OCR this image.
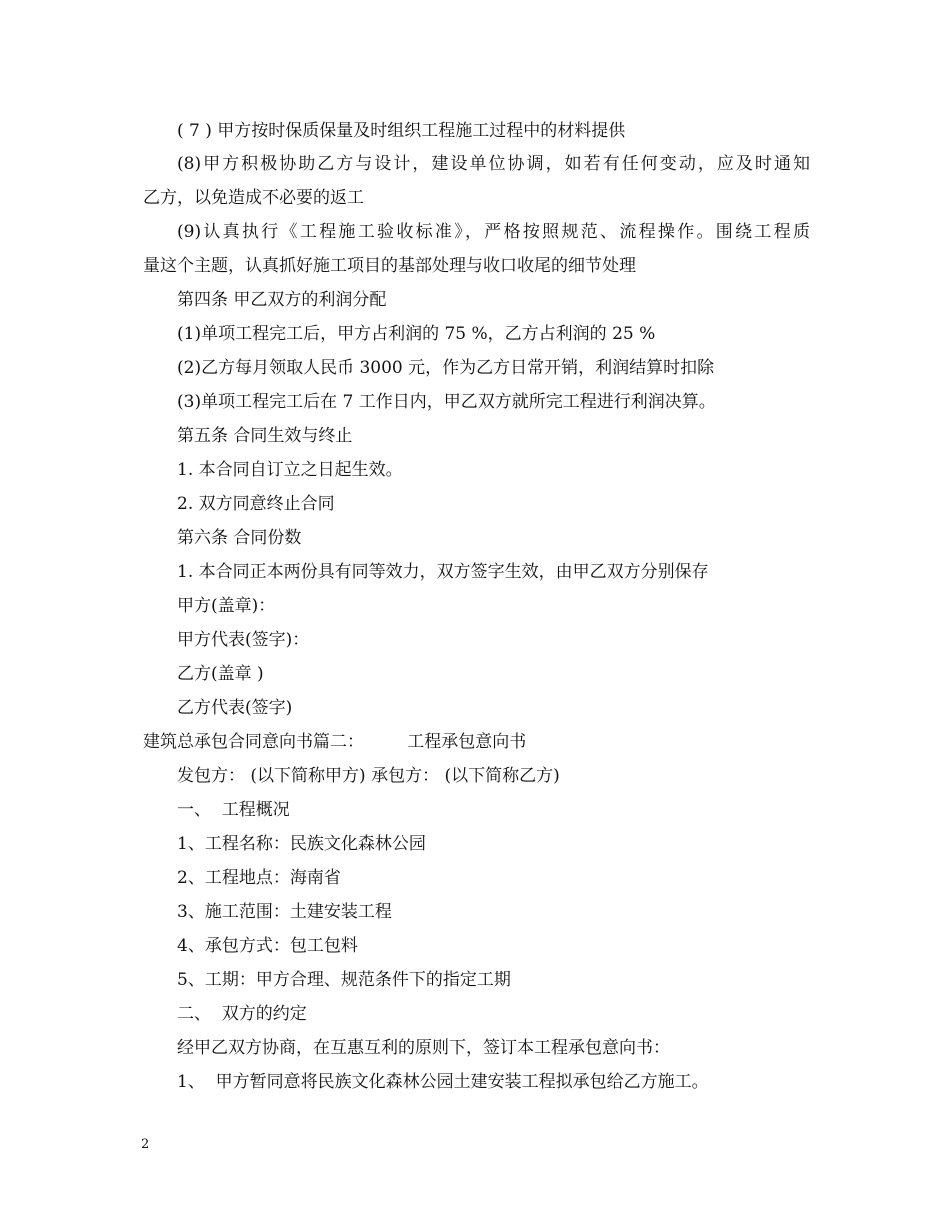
( 7 ) 甲方按时保质保量及时组织工程施工过程中的材料提供
(8)甲方积极协助乙方与设计，建设单位协调，如若有任何变动，应及时通知
乙方，以免造成不必要的返工
(9)认真执行《工程施工验收标准》，严格按照规范、流程操作。围绕工程质
量这个主题，认真抓好施工项目的基部处理与收口收尾的细节处理
第四条 甲乙双方的利润分配
(1)单项工程完工后，甲方占利润的 75 %，乙方占利润的 25 %
(2)乙方每月领取人民币 3000 元，作为乙方日常开销，利润结算时扣除
(3)单项工程完工后在 7 工作日内，甲乙双方就所完工程进行利润决算。
第五条 合同生效与终止
1. 本合同自订立之日起生效。
2. 双方同意终止合同
第六条 合同份数
1. 本合同正本两份具有同等效力，双方签字生效，由甲乙双方分别保存
甲方(盖章)：
甲方代表(签字)：
乙方(盖章 )
乙方代表(签字)
建筑总承包合同意向书篇二：        工程承包意向书
发包方： (以下简称甲方) 承包方： (以下简称乙方)
一、  工程概况
1、工程名称：民族文化森林公园
2、工程地点：海南省
3、施工范围：土建安装工程
4、承包方式：包工包料
5、工期：甲方合理、规范条件下的指定工期
二、  双方的约定
经甲乙双方协商，在互惠互利的原则下，签订本工程承包意向书：
1、  甲方暂同意将民族文化森林公园土建安装工程拟承包给乙方施工。
2
